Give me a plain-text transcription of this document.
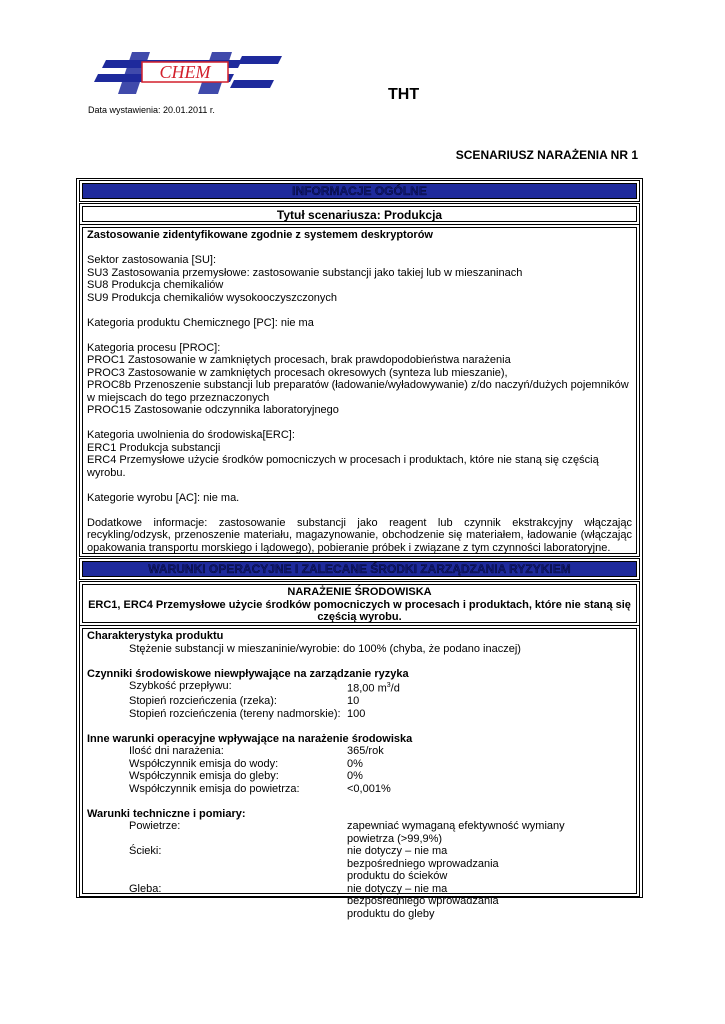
CHEM
Data wystawienia: 20.01.2011 r.
THT
SCENARIUSZ NARAŻENIA NR 1
INFORMACJE OGÓLNE
Tytuł scenariusza: Produkcja
Zastosowanie zidentyfikowane zgodnie z systemem deskryptorów
Sektor zastosowania [SU]:
SU3 Zastosowania przemysłowe: zastosowanie substancji jako takiej lub w mieszaninach
SU8 Produkcja chemikaliów
SU9 Produkcja chemikaliów wysokooczyszczonych
Kategoria produktu Chemicznego [PC]: nie ma
Kategoria procesu [PROC]:
PROC1 Zastosowanie w zamkniętych procesach, brak prawdopodobieństwa narażenia
PROC3 Zastosowanie w zamkniętych procesach okresowych (synteza lub mieszanie),
PROC8b Przenoszenie substancji lub preparatów (ładowanie/wyładowywanie) z/do naczyń/dużych pojemników w miejscach do tego przeznaczonych
PROC15 Zastosowanie odczynnika laboratoryjnego
Kategoria uwolnienia do środowiska[ERC]:
ERC1 Produkcja substancji
ERC4 Przemysłowe użycie środków pomocniczych w procesach i produktach, które nie staną się częścią wyrobu.
Kategorie wyrobu [AC]: nie ma.
Dodatkowe informacje: zastosowanie substancji jako reagent lub czynnik ekstrakcyjny włączając recykling/odzysk, przenoszenie materiału, magazynowanie, obchodzenie się materiałem, ładowanie (włączając opakowania transportu morskiego i lądowego), pobieranie próbek i związane z tym czynności laboratoryjne.
WARUNKI OPERACYJNE I ZALECANE ŚRODKI ZARZĄDZANIA RYZYKIEM
NARAŻENIE ŚRODOWISKA
ERC1, ERC4 Przemysłowe użycie środków pomocniczych w procesach i produktach, które nie staną się częścią wyrobu.
Charakterystyka produktu
Stężenie substancji w mieszaninie/wyrobie: do 100% (chyba, że podano inaczej)
Czynniki środowiskowe niewpływające na zarządzanie ryzyka
Szybkość przepływu:	18,00 $m^3/d$
Stopień rozcieńczenia (rzeka):	10
Stopień rozcieńczenia (tereny nadmorskie): 100
Inne warunki operacyjne wpływające na narażenie środowiska
Ilość dni narażenia:	365/rok
Współczynnik emisja do wody:	0%
Współczynnik emisja do gleby:	0%
Współczynnik emisja do powietrza:	<0,001%
Warunki techniczne i pomiary:
Powietrze:	zapewniać wymaganą efektywność wymiany powietrza (>99,9%)
Ścieki:	nie dotyczy – nie ma bezpośredniego wprowadzania produktu do ścieków
Gleba:	nie dotyczy – nie ma bezpośredniego wprowadzania produktu do gleby
